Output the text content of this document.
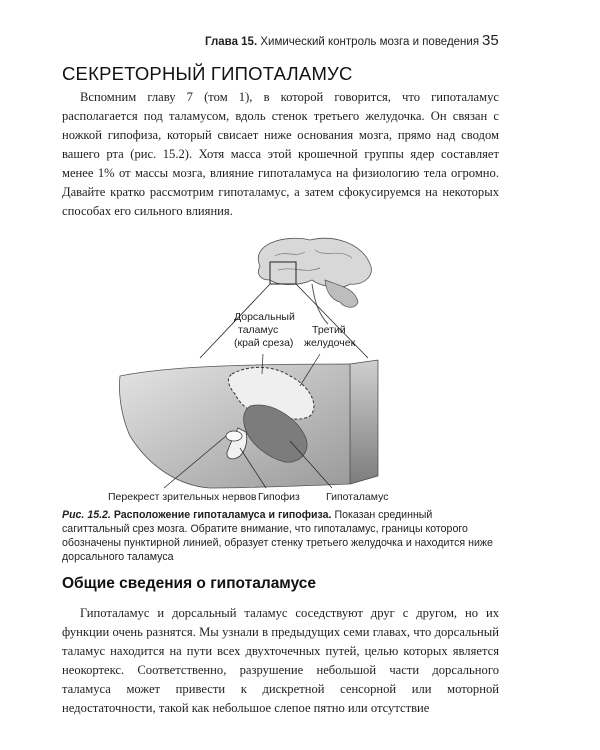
Глава 15. Химический контроль мозга и поведения 35
СЕКРЕТОРНЫЙ ГИПОТАЛАМУС

Вспомним главу 7 (том 1), в которой говорится, что гипоталамус располагается под таламусом, вдоль стенок третьего желудочка. Он связан с ножкой гипофиза, который свисает ниже основания мозга, прямо над сводом вашего рта (рис. 15.2). Хотя масса этой крошечной группы ядер составляет менее 1% от массы мозга, влияние гипоталамуса на физиологию тела огромно. Давайте кратко рассмотрим гипоталамус, а затем сфокусируемся на некоторых способах его сильного влияния.

Дорсальный
таламус
(край среза)
Третий
желудочек
Перекрест зрительных нервов Гипофиз Гипоталамус
Рис. 15.2. Расположение гипоталамуса и гипофиза. Показан срединный сагиттальный срез мозга. Обратите внимание, что гипоталамус, границы которого обозначены пунктирной линией, образует стенку третьего желудочка и находится ниже дорсального таламуса
Общие сведения о гипоталамусе

Гипоталамус и дорсальный таламус соседствуют друг с другом, но их функции очень разнятся. Мы узнали в предыдущих семи главах, что дорсальный таламус находится на пути всех двухточечных путей, целью которых является неокортекс. Соответственно, разрушение небольшой части дорсального таламуса может привести к дискретной сенсорной или моторной недостаточности, такой как небольшое слепое пятно или отсутствие
